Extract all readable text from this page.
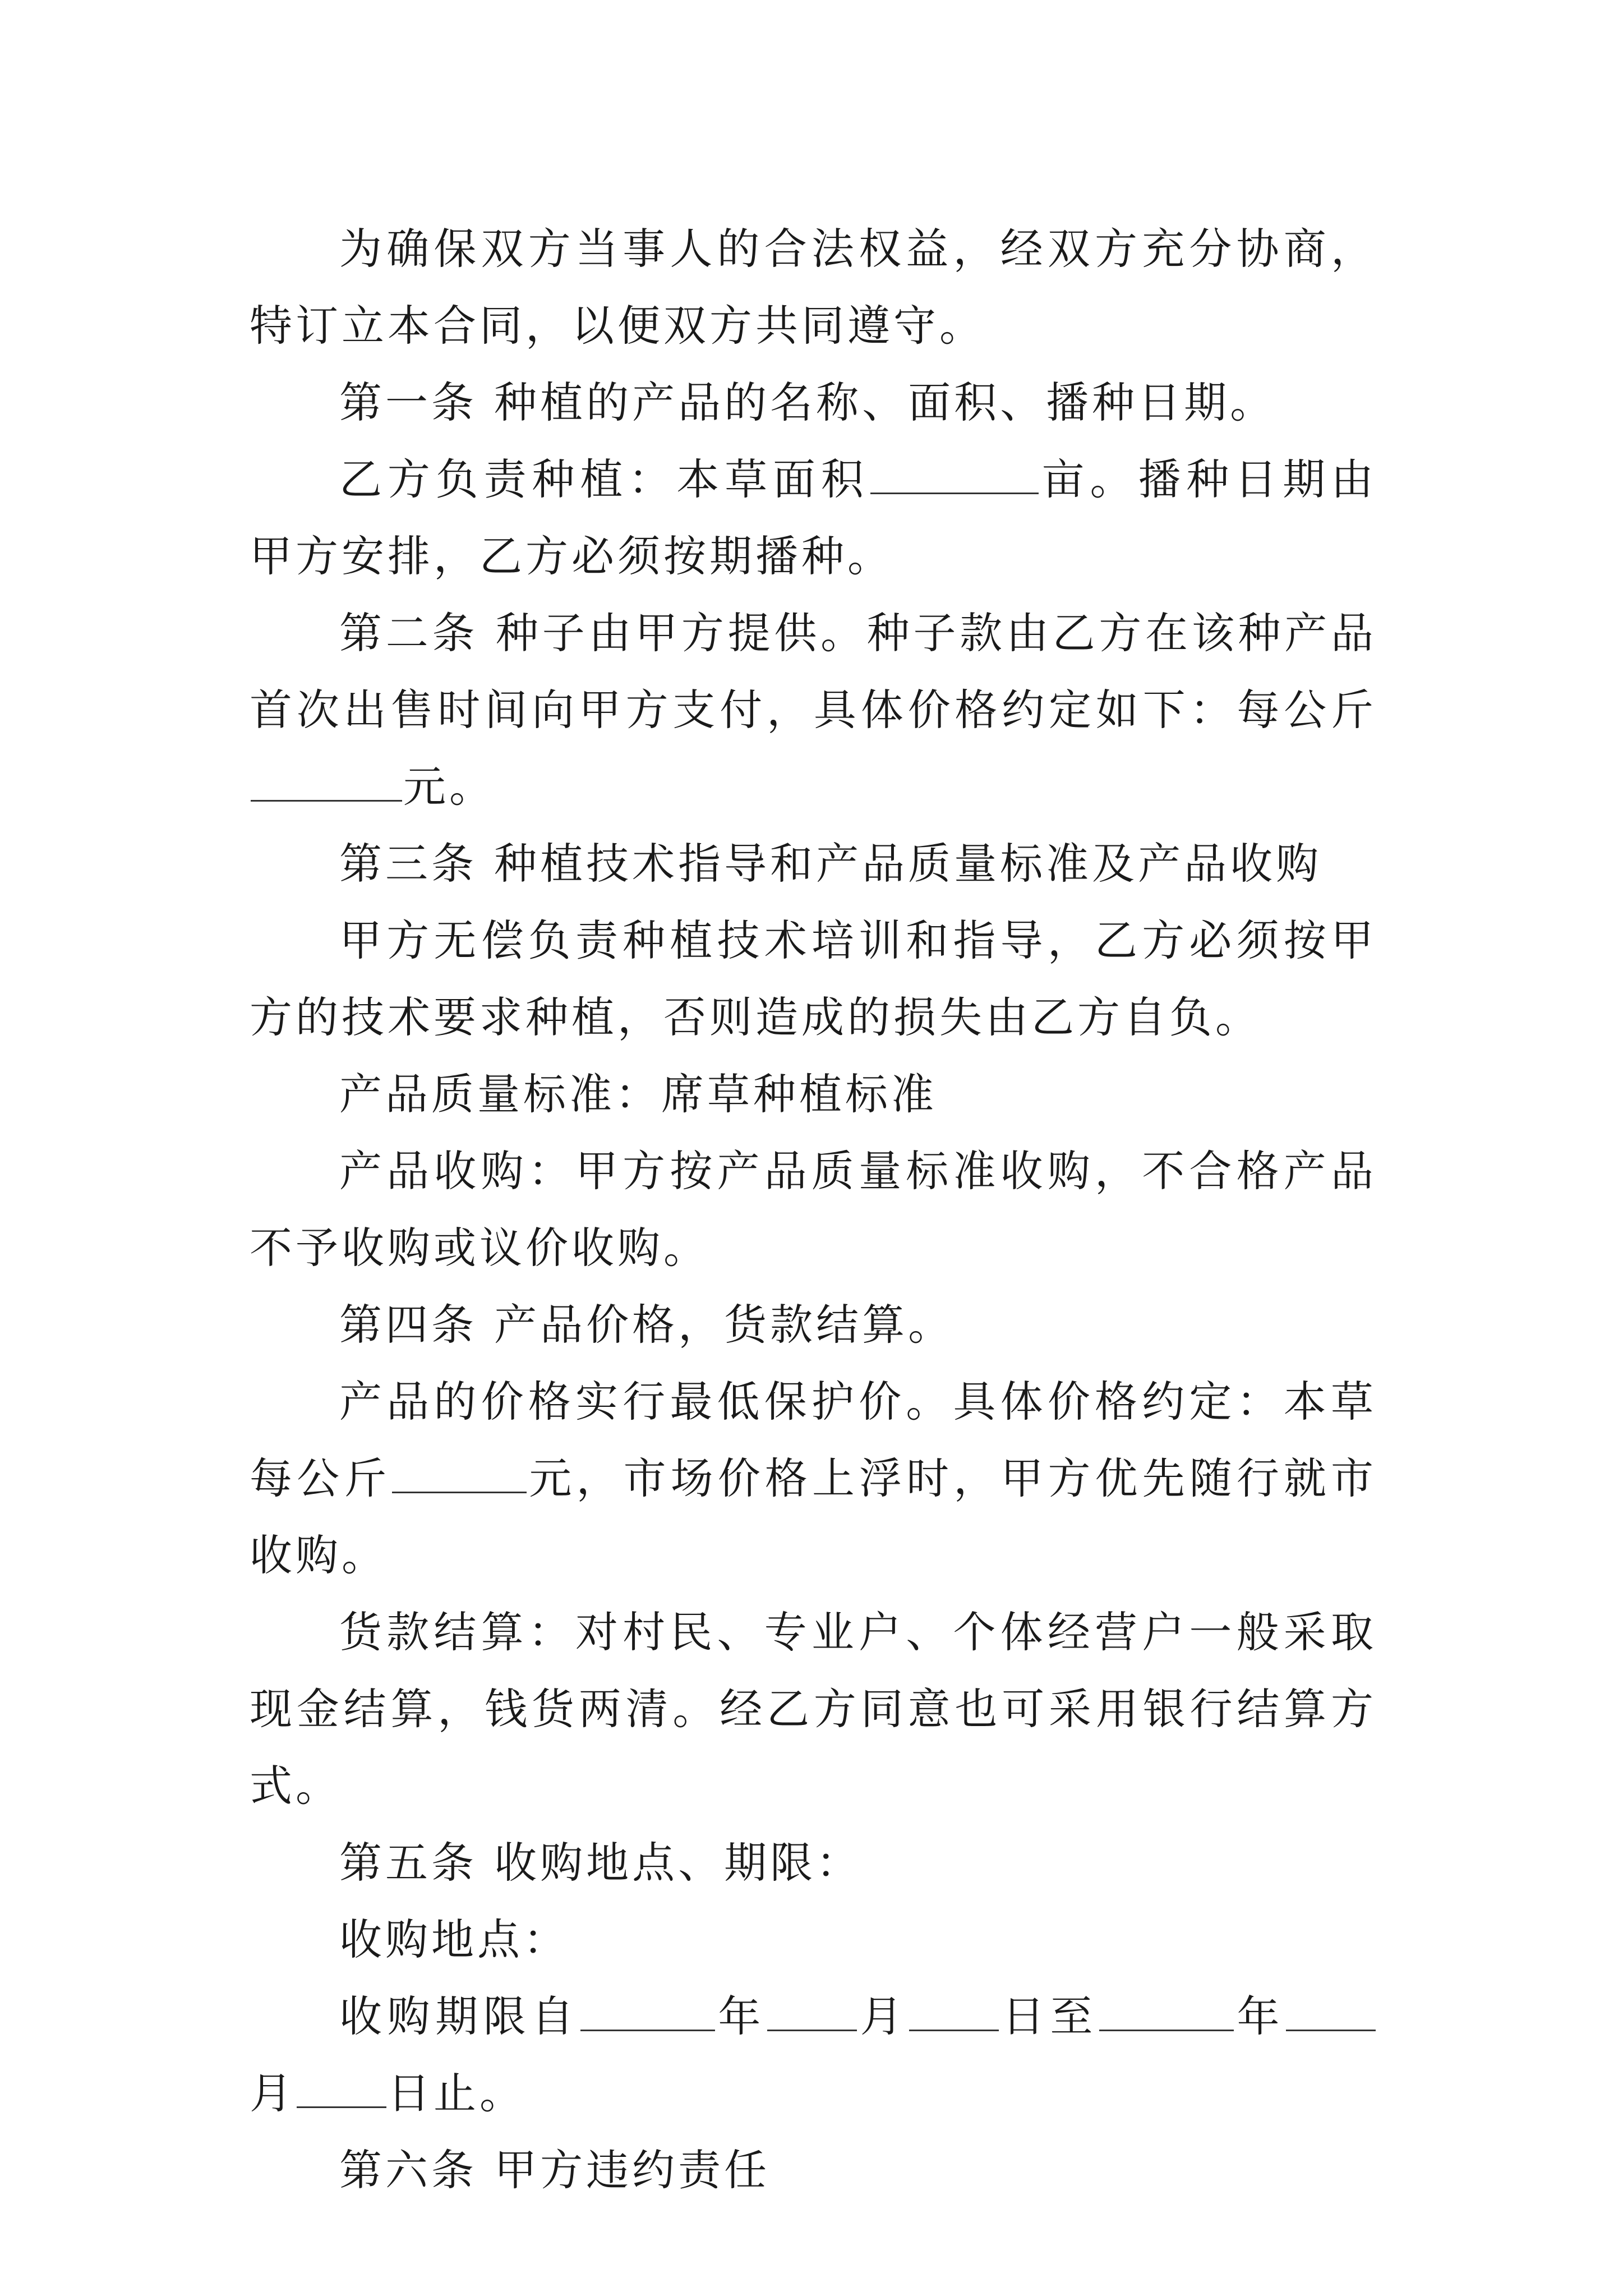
为确保双方当事人的合法权益，经双方充分协商，特订立本合同，以便双方共同遵守。

第一条 种植的产品的名称、面积、播种日期。

乙方负责种植：本草面积	亩。播种日期由甲方安排，乙方必须按期播种。

第二条 种子由甲方提供。种子款由乙方在该种产品首次出售时间向甲方支付，具体价格约定如下：每公斤元。

第三条 种植技术指导和产品质量标准及产品收购

甲方无偿负责种植技术培训和指导，乙方必须按甲方的技术要求种植，否则造成的损失由乙方自负。

产品质量标准：席草种植标准

产品收购：甲方按产品质量标准收购，不合格产品不予收购或议价收购。

第四条 产品价格，货款结算。

产品的价格实行最低保护价。具体价格约定：本草每公斤	元，市场价格上浮时，甲方优先随行就市收购。

货款结算：对村民、专业户、个体经营户一般采取现金结算，钱货两清。经乙方同意也可采用银行结算方式。

第五条 收购地点、期限：

收购地点：

收购期限自	年 月 日至	年月 日止。

第六条 甲方违约责任
